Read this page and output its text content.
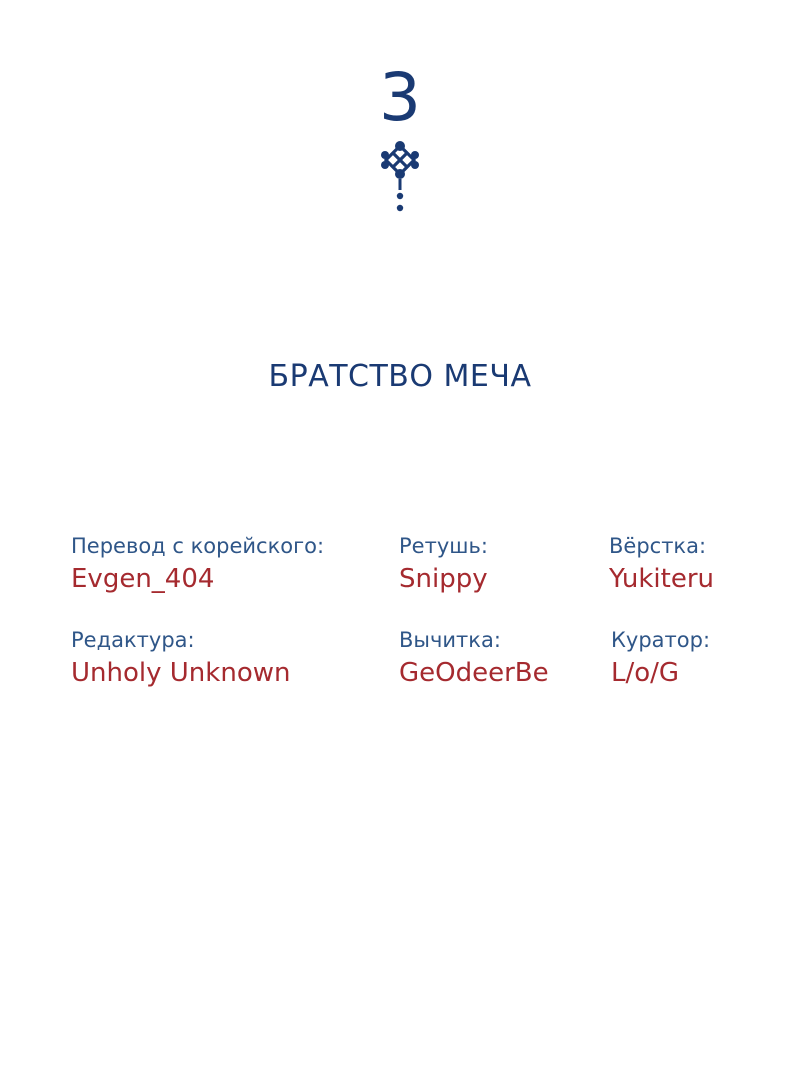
3
БРАТСТВО МЕЧА
Перевод с корейского:
Evgen_404
Ретушь:
Snippy
Вёрстка:
Yukiteru
Редактура:
Unholy Unknown
Вычитка:
GeOdeerBe
Куратор:
L/o/G
